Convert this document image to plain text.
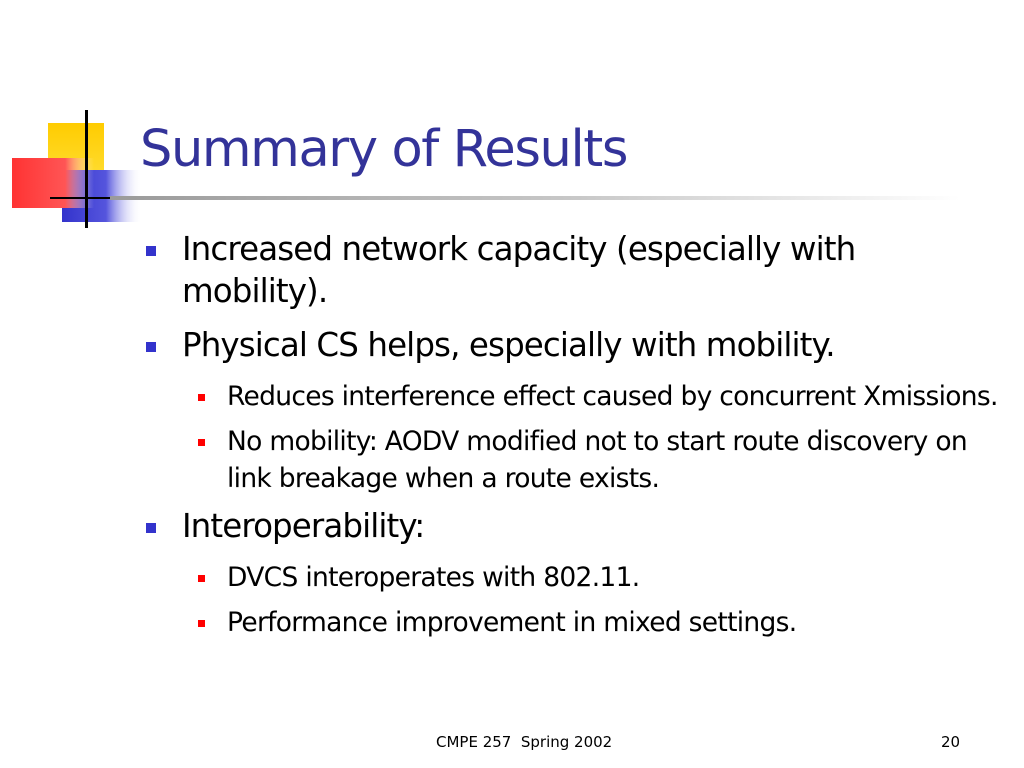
Summary of Results
Increased network capacity (especially with mobility).
Physical CS helps, especially with mobility.
Reduces interference effect caused by concurrent Xmissions.
No mobility: AODV modified not to start route discovery on link breakage when a route exists.
Interoperability:
DVCS interoperates with 802.11.
Performance improvement in mixed settings.
CMPE 257  Spring 2002	20
